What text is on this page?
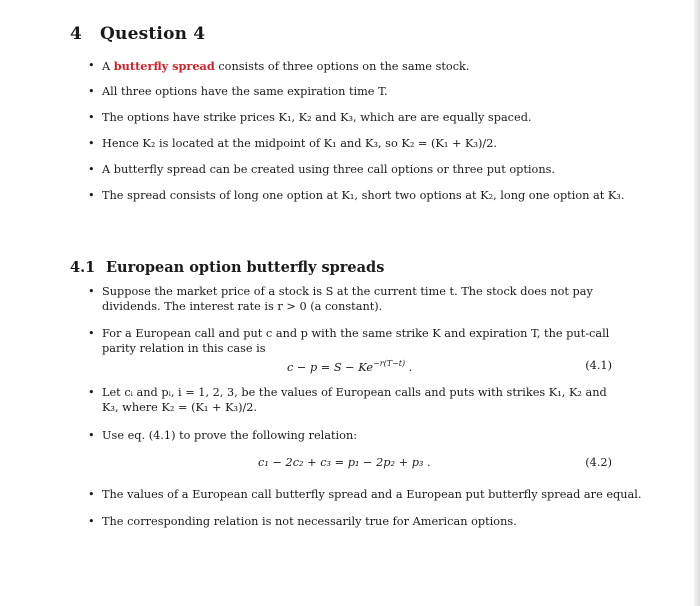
4 Question 4
• A butterfly spread consists of three options on the same stock.
• All three options have the same expiration time T.
• The options have strike prices K₁, K₂ and K₃, which are are equally spaced.
• Hence K₂ is located at the midpoint of K₁ and K₃, so K₂ = (K₁ + K₃)/2.
• A butterfly spread can be created using three call options or three put options.
• The spread consists of long one option at K₁, short two options at K₂, long one option at K₃.
4.1 European option butterfly spreads
• Suppose the market price of a stock is S at the current time t. The stock does not pay
dividends. The interest rate is r > 0 (a constant).
• For a European call and put c and p with the same strike K and expiration T, the put-call
parity relation in this case is
• Let cᵢ and pᵢ, i = 1, 2, 3, be the values of European calls and puts with strikes K₁, K₂ and
K₃, where K₂ = (K₁ + K₃)/2.
• Use eq. (4.1) to prove the following relation:
• The values of a European call butterfly spread and a European put butterfly spread are equal.
• The corresponding relation is not necessarily true for American options.
$c - p = S - Ke^{-r(T-t)}$ .	(4.1)
c₁ − 2c₂ + c₃ = p₁ − 2p₂ + p₃ .	(4.2)
